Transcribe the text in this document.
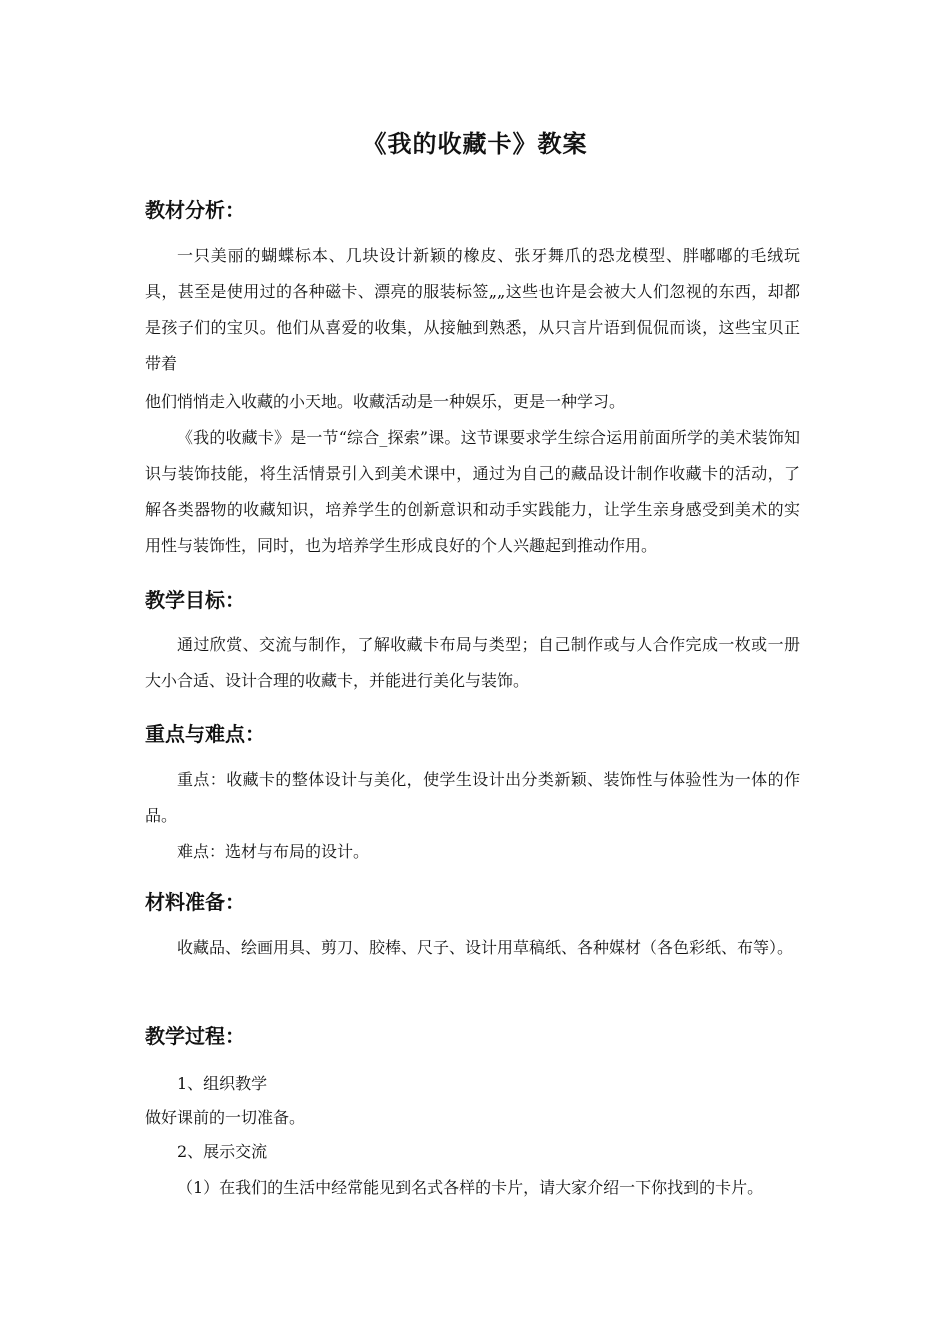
《我的收藏卡》教案
教材分析：

一只美丽的蝴蝶标本、几块设计新颖的橡皮、张牙舞爪的恐龙模型、胖嘟嘟的毛绒玩具，甚至是使用过的各种磁卡、漂亮的服装标签„„这些也许是会被大人们忽视的东西，却都是孩子们的宝贝。他们从喜爱的收集，从接触到熟悉，从只言片语到侃侃而谈，这些宝贝正带着

他们悄悄走入收藏的小天地。收藏活动是一种娱乐，更是一种学习。

《我的收藏卡》是一节“综合_探索”课。这节课要求学生综合运用前面所学的美术装饰知识与装饰技能，将生活情景引入到美术课中，通过为自己的藏品设计制作收藏卡的活动，了解各类器物的收藏知识，培养学生的创新意识和动手实践能力，让学生亲身感受到美术的实用性与装饰性，同时，也为培养学生形成良好的个人兴趣起到推动作用。

教学目标：

通过欣赏、交流与制作，了解收藏卡布局与类型；自己制作或与人合作完成一枚或一册大小合适、设计合理的收藏卡，并能进行美化与装饰。

重点与难点：

重点：收藏卡的整体设计与美化，使学生设计出分类新颖、装饰性与体验性为一体的作品。

难点：选材与布局的设计。

材料准备：

收藏品、绘画用具、剪刀、胶棒、尺子、设计用草稿纸、各种媒材（各色彩纸、布等）。

教学过程：
1、组织教学
做好课前的一切准备。
2、展示交流
（1）在我们的生活中经常能见到名式各样的卡片，请大家介绍一下你找到的卡片。
